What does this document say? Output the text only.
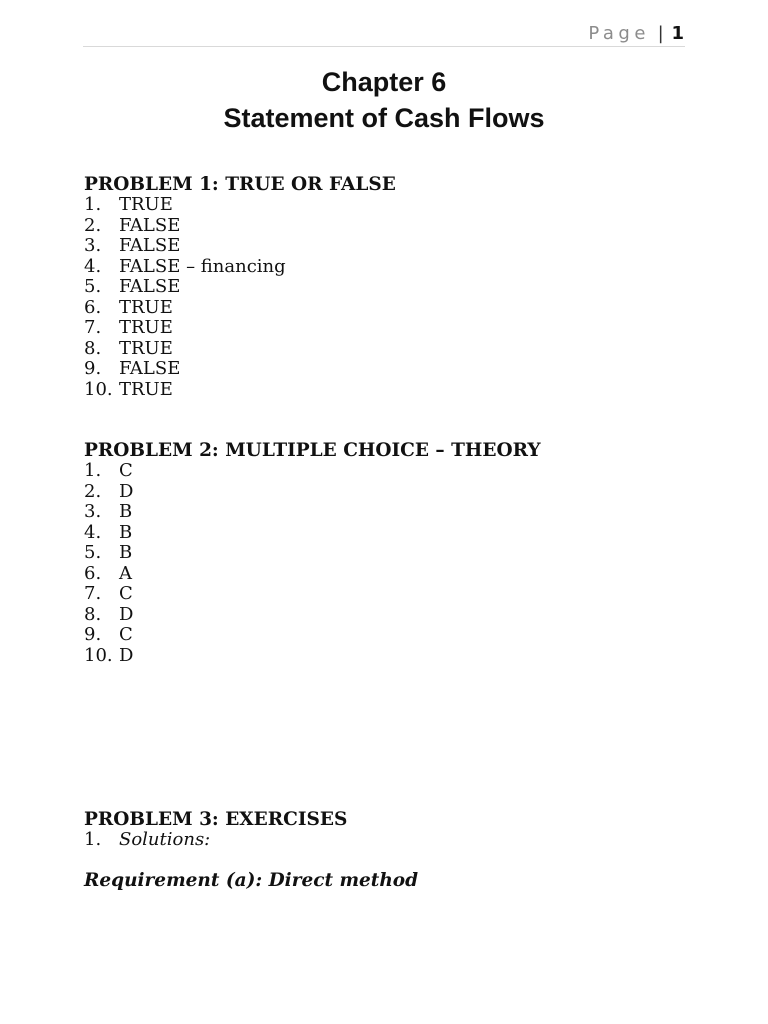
Page | 1
Chapter 6
Statement of Cash Flows

PROBLEM 1: TRUE OR FALSE

1. TRUE
2. FALSE
3. FALSE
4. FALSE – financing
5. FALSE
6. TRUE
7. TRUE
8. TRUE
9. FALSE
10. TRUE

PROBLEM 2: MULTIPLE CHOICE – THEORY

1. C
2. D
3. B
4. B
5. B
6. A
7. C
8. D
9. C
10. D

PROBLEM 3: EXERCISES

1. Solutions:
Requirement (a): Direct method
